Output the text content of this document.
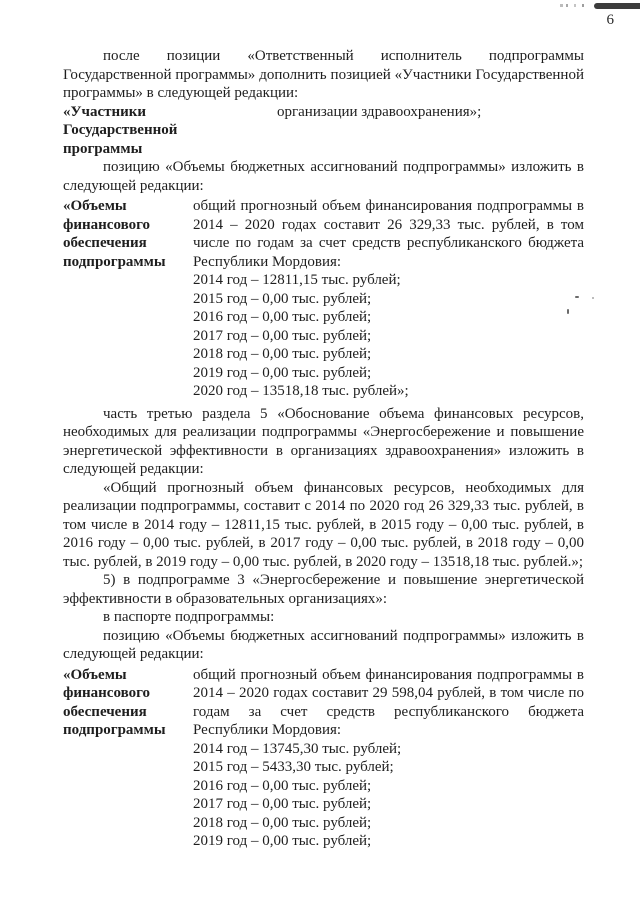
6

после позиции «Ответственный исполнитель подпрограммы Государственной программы» дополнить позицией «Участники Государственной программы» в следующей редакции:

«Участники Государственной программы
организации здравоохранения»;

позицию «Объемы бюджетных ассигнований подпрограммы» изложить в следующей редакции:

«Объемы финансового обеспечения подпрограммы

общий прогнозный объем финансирования подпрограммы в 2014 – 2020 годах составит 26 329,33 тыс. рублей, в том числе по годам за счет средств республиканского бюджета Республики Мордовия:

2014 год – 12811,15 тыс. рублей;
2015 год – 0,00 тыс. рублей;
2016 год – 0,00 тыс. рублей;
2017 год – 0,00 тыс. рублей;
2018 год – 0,00 тыс. рублей;
2019 год – 0,00 тыс. рублей;
2020 год – 13518,18 тыс. рублей»;

часть третью раздела 5 «Обоснование объема финансовых ресурсов, необходимых для реализации подпрограммы «Энергосбережение и повышение энергетической эффективности в организациях здравоохранения» изложить в следующей редакции:

«Общий прогнозный объем финансовых ресурсов, необходимых для реализации подпрограммы, составит с 2014 по 2020 год 26 329,33 тыс. рублей, в том числе в 2014 году – 12811,15 тыс. рублей, в 2015 году – 0,00 тыс. рублей, в 2016 году – 0,00 тыс. рублей, в 2017 году – 0,00 тыс. рублей, в 2018 году – 0,00 тыс. рублей, в 2019 году – 0,00 тыс. рублей, в 2020 году – 13518,18 тыс. рублей.»;

5) в подпрограмме 3 «Энергосбережение и повышение энергетической эффективности в образовательных организациях»:

в паспорте подпрограммы:

позицию «Объемы бюджетных ассигнований подпрограммы» изложить в следующей редакции:

«Объемы финансового обеспечения подпрограммы

общий прогнозный объем финансирования подпрограммы в 2014 – 2020 годах составит 29 598,04 рублей, в том числе по годам за счет средств республиканского бюджета Республики Мордовия:

2014 год – 13745,30 тыс. рублей;
2015 год – 5433,30 тыс. рублей;
2016 год – 0,00 тыс. рублей;
2017 год – 0,00 тыс. рублей;
2018 год – 0,00 тыс. рублей;
2019 год – 0,00 тыс. рублей;
